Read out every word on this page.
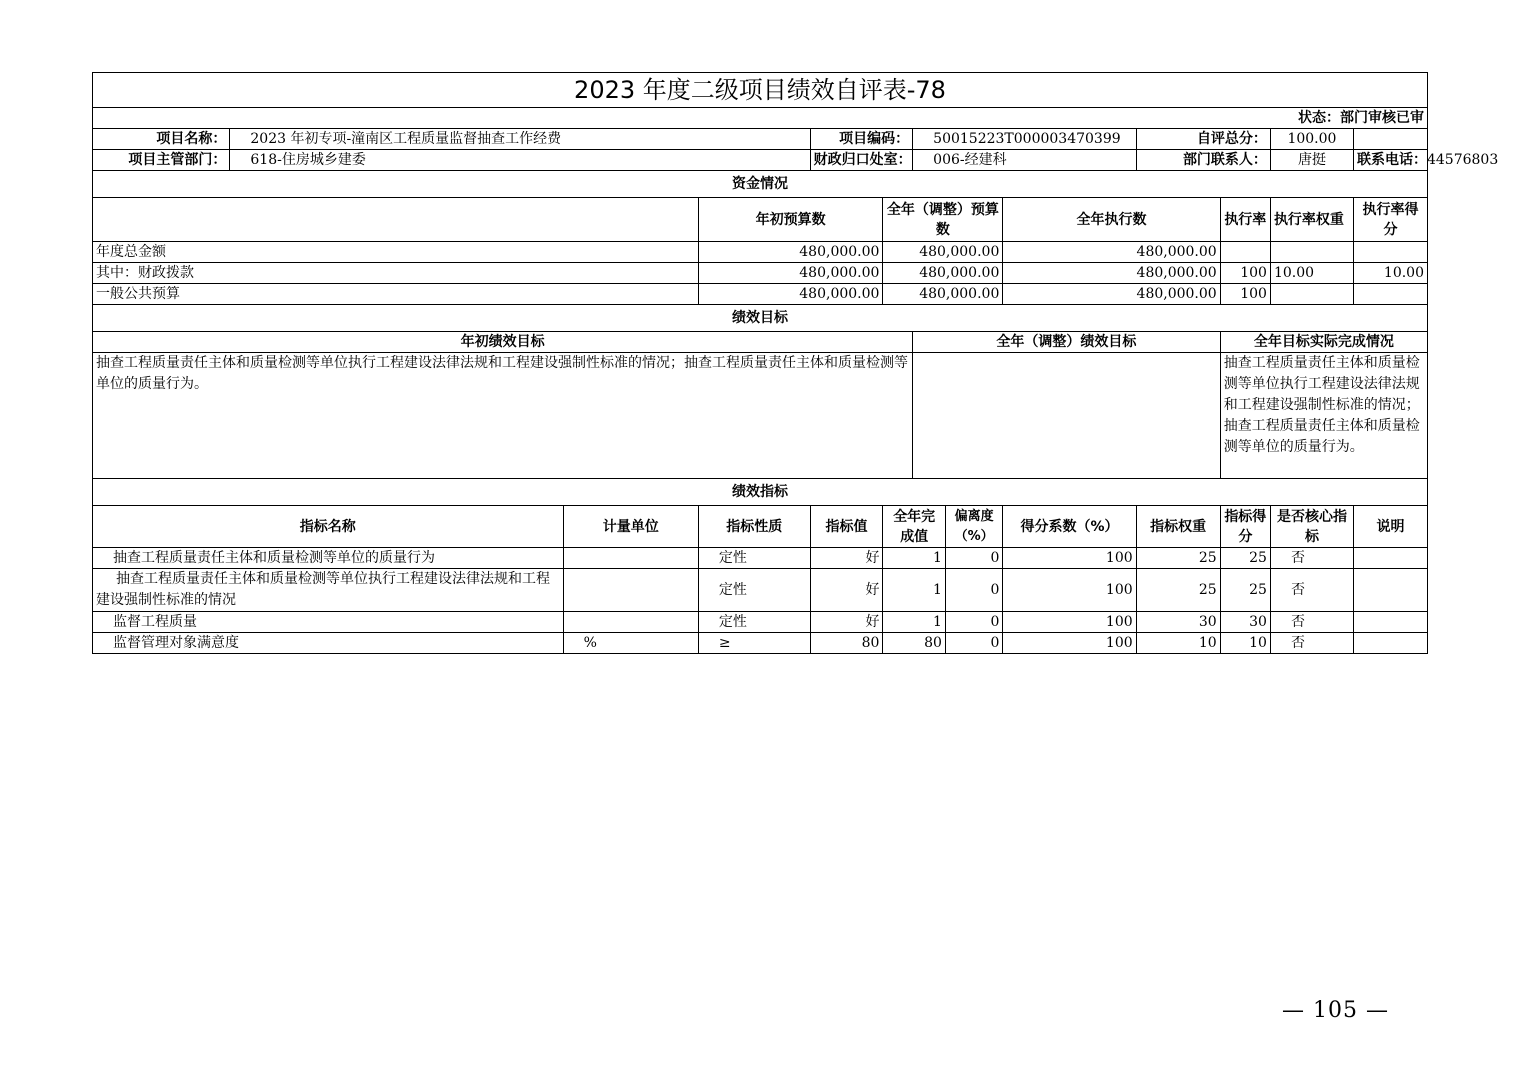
2023 年度二级项目绩效自评表-78												
状态：部门审核已审												
项目名称：	2023 年初专项-潼南区工程质量监督抽查工作经费			项目编码：		50015223T000003470399			自评总分：		100.00	
项目主管部门：	618-住房城乡建委			财政归口处室：		006-经建科			部门联系人：		唐挺	联系电话：44576803
资金情况												
			年初预算数		全年（调整）预算数			全年执行数		执行率	执行率权重	执行率得分
年度总金额			480,000.00		480,000.00			480,000.00				
其中：财政拨款			480,000.00		480,000.00			480,000.00		100	10.00	10.00
一般公共预算			480,000.00		480,000.00			480,000.00		100		
绩效目标												
年初绩效目标						全年（调整）绩效目标				全年目标实际完成情况		
抽查工程质量责任主体和质量检测等单位执行工程建设法律法规和工程建设强制性标准的情况；抽查工程质量责任主体和质量检测等单位的质量行为。										抽查工程质量责任主体和质量检测等单位执行工程建设法律法规和工程建设强制性标准的情况；抽查工程质量责任主体和质量检测等单位的质量行为。		
绩效指标												
指标名称		计量单位	指标性质	指标值	全年完成值		偏离度（%）	得分系数（%）	指标权重	指标得分	是否核心指标	说明
抽查工程质量责任主体和质量检测等单位的质量行为			定性	好	1		0	100	25	25	否	
抽查工程质量责任主体和质量检测等单位执行工程建设法律法规和工程建设强制性标准的情况			定性	好	1		0	100	25	25	否	
监督工程质量			定性	好	1		0	100	30	30	否	
监督管理对象满意度		%	≥	80	80		0	100	10	10	否	
— 105 —
